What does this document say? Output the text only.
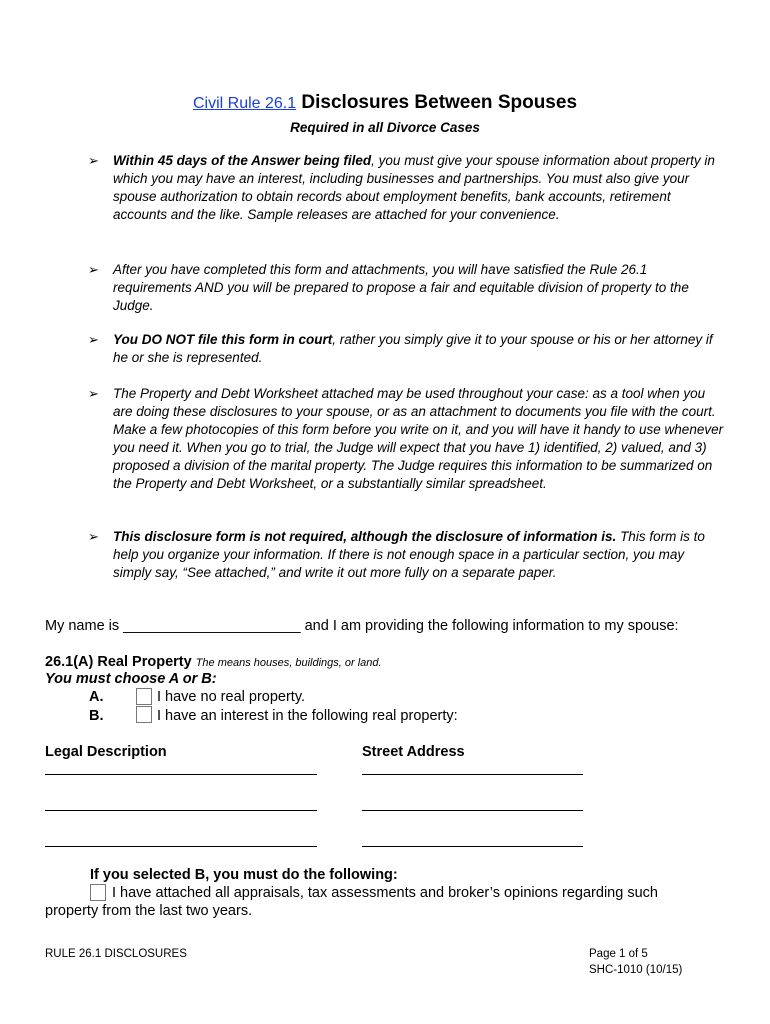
Civil Rule 26.1 Disclosures Between Spouses
Required in all Divorce Cases
➢	Within 45 days of the Answer being filed, you must give your spouse information about property in which you may have an interest, including businesses and partnerships. You must also give your spouse authorization to obtain records about employment benefits, bank accounts, retirement accounts and the like. Sample releases are attached for your convenience.
➢	After you have completed this form and attachments, you will have satisfied the Rule 26.1 requirements AND you will be prepared to propose a fair and equitable division of property to the Judge.
➢	You DO NOT file this form in court, rather you simply give it to your spouse or his or her attorney if he or she is represented.
➢	The Property and Debt Worksheet attached may be used throughout your case: as a tool when you are doing these disclosures to your spouse, or as an attachment to documents you file with the court. Make a few photocopies of this form before you write on it, and you will have it handy to use whenever you need it. When you go to trial, the Judge will expect that you have 1) identified, 2) valued, and 3) proposed a division of the marital property. The Judge requires this information to be summarized on the Property and Debt Worksheet, or a substantially similar spreadsheet.
➢	This disclosure form is not required, although the disclosure of information is. This form is to help you organize your information. If there is not enough space in a particular section, you may simply say, “See attached,” and write it out more fully on a separate paper.
My name is ______________________ and I am providing the following information to my spouse:
26.1(A) Real Property The means houses, buildings, or land.
You must choose A or B:
A.	I have no real property.
B.	I have an interest in the following real property:
Legal Description	Street Address
If you selected B, you must do the following:
I have attached all appraisals, tax assessments and broker’s opinions regarding such
property from the last two years.
RULE 26.1 DISCLOSURES	Page 1 of 5
SHC-1010 (10/15)
